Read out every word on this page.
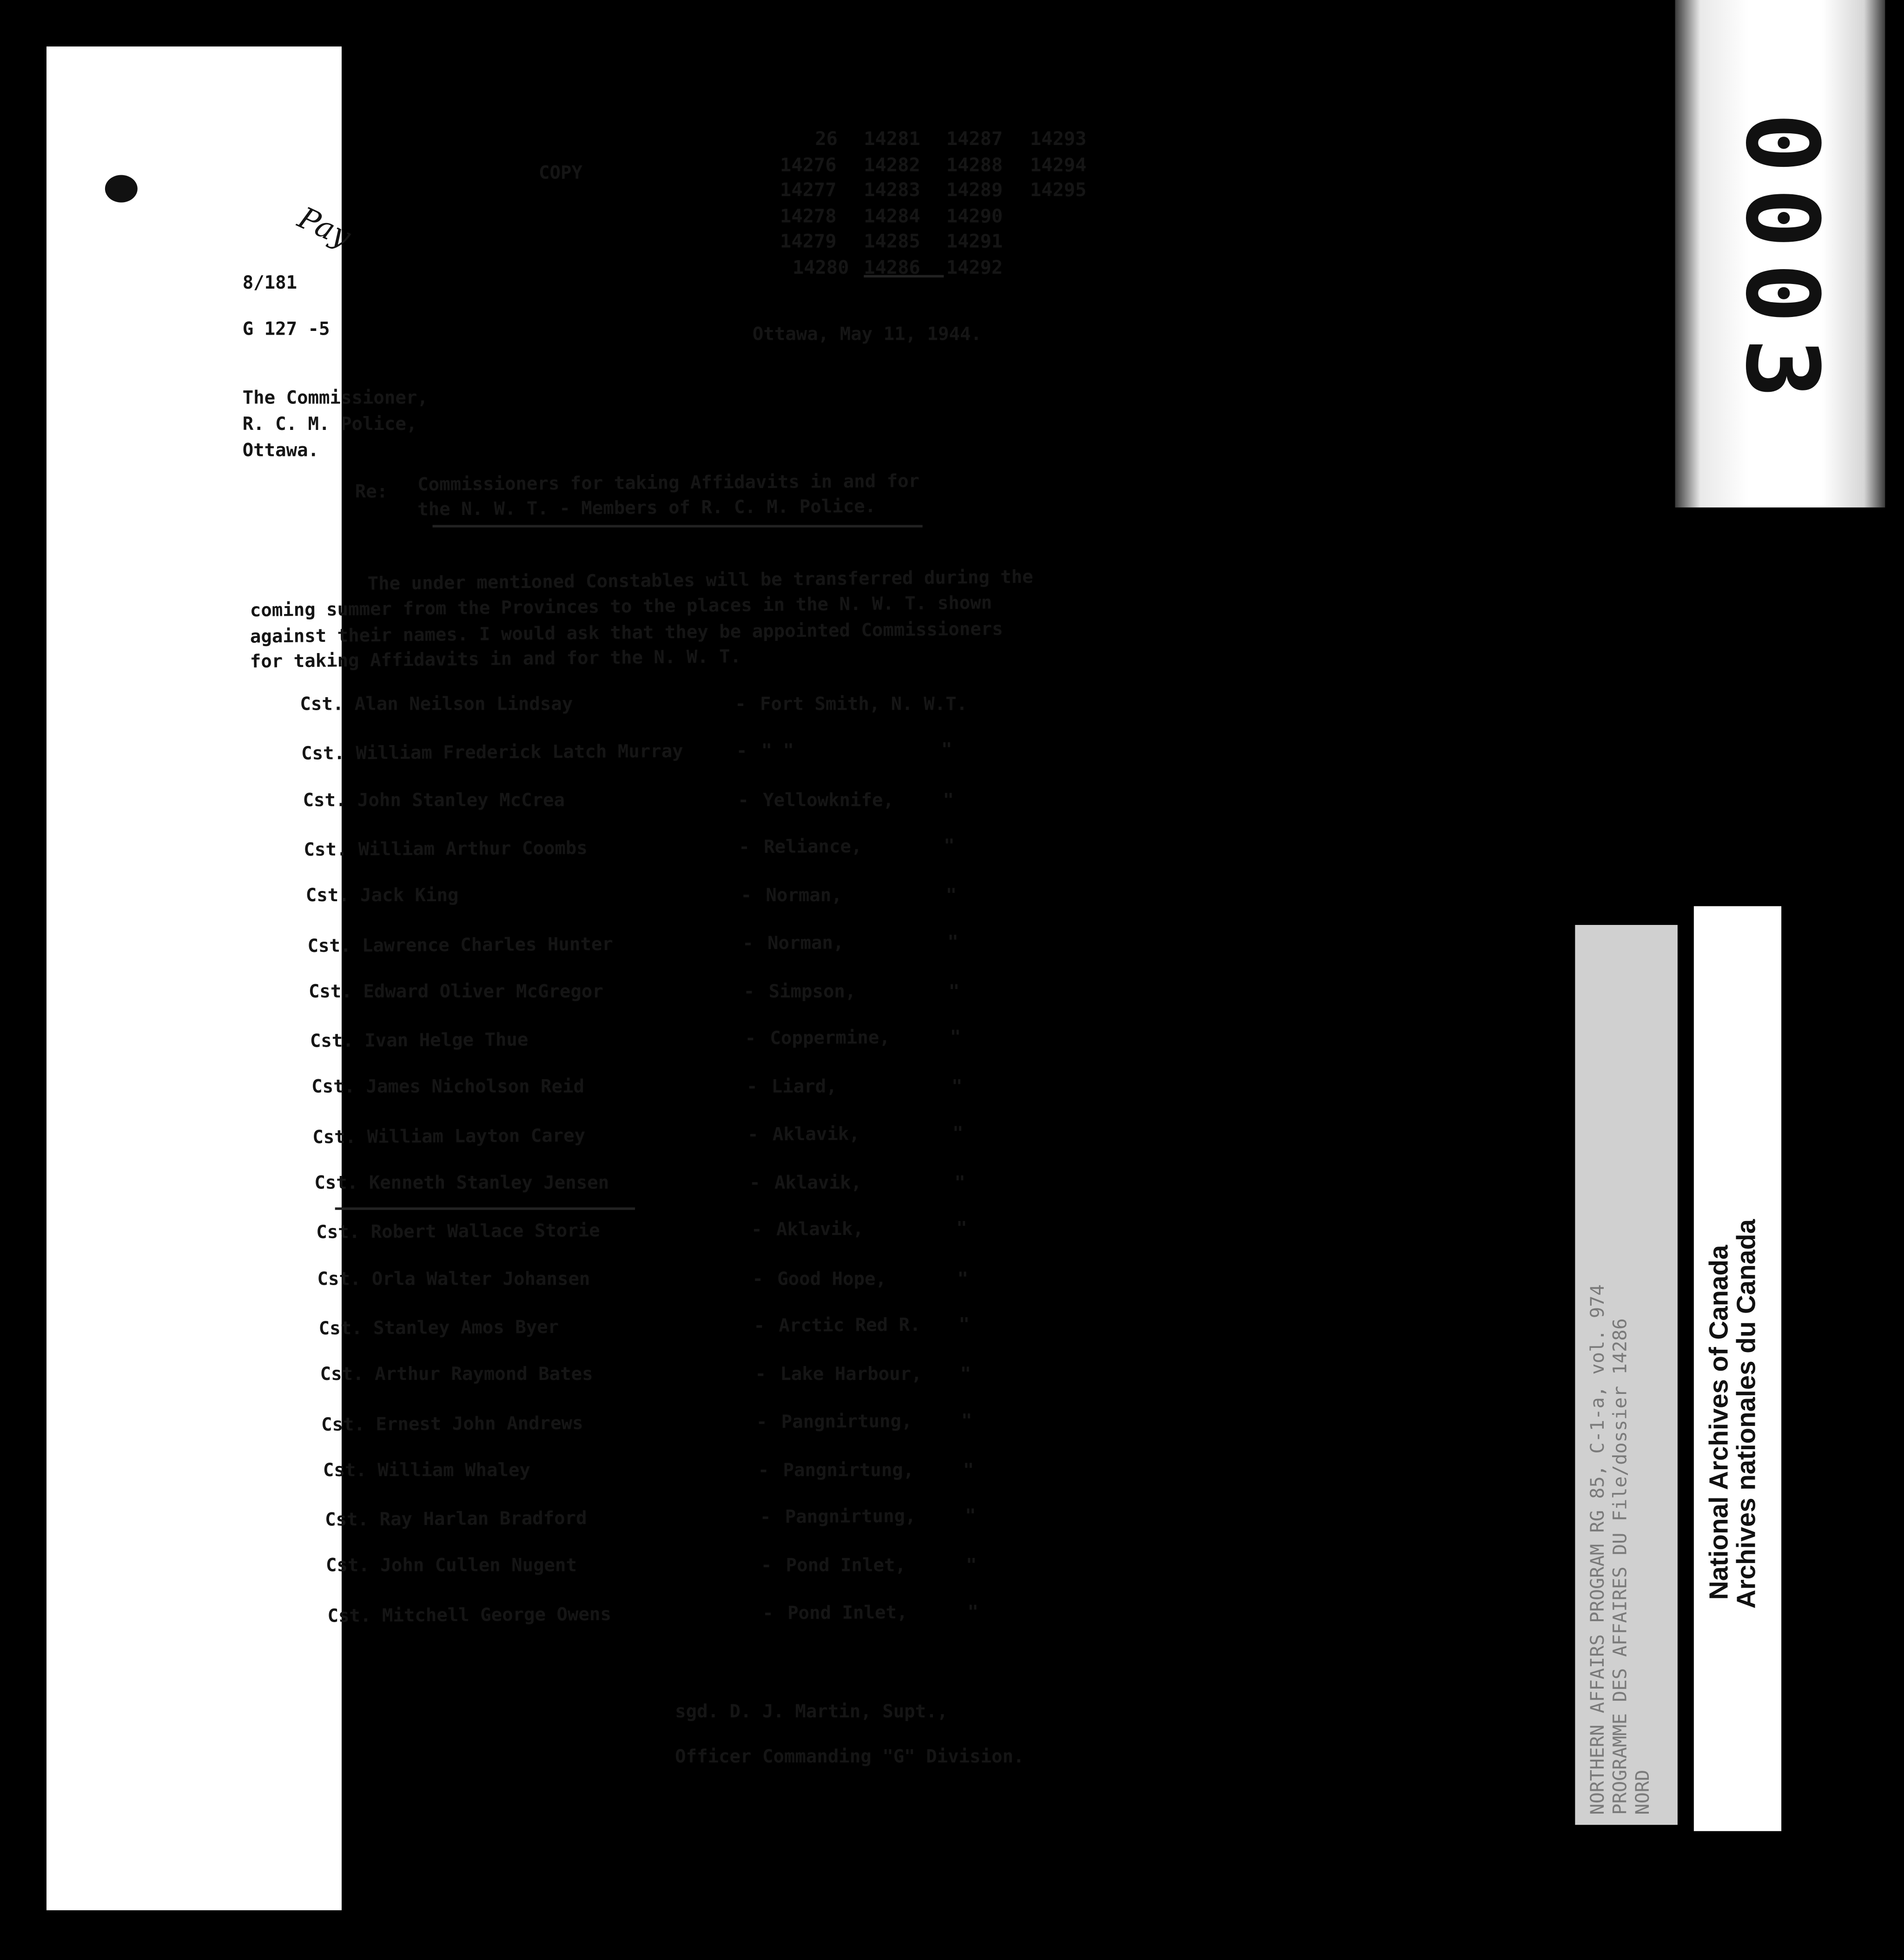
Pay
COPY
26	14281	14287	14293
14276	14282	14288	14294
14277	14283	14289	14295
14278	14284	14290
14279	14285	14291
14280 14286	14292
8/181
G 127 -5	Ottawa, May 11, 1944.
The Commissioner,
R. C. M. Police,
Ottawa.
Re:	Commissioners for taking Affidavits in and for
the N. W. T. - Members of R. C. M. Police.
The under mentioned Constables will be transferred during the
coming summer from the Provinces to the places in the N. W. T. shown
against their names. I would ask that they be appointed Commissioners
for taking Affidavits in and for the N. W. T.
Cst. Alan Neilson Lindsay	- Fort Smith, N. W.T.
Cst. William Frederick Latch Murray	- " "	"
Cst. John Stanley McCrea	- Yellowknife,	"
Cst. William Arthur Coombs	- Reliance,	"
Cst. Jack King	- Norman,	"
Cst. Lawrence Charles Hunter	- Norman,	"
Cst. Edward Oliver McGregor	- Simpson,	"
Cst. Ivan Helge Thue	- Coppermine,	"
Cst. James Nicholson Reid	- Liard,	"
Cst. William Layton Carey	- Aklavik,	"
Cst. Kenneth Stanley Jensen	- Aklavik,	"
Cst. Robert Wallace Storie	- Aklavik,	"
Cst. Orla Walter Johansen	- Good Hope,	"
Cst. Stanley Amos Byer	- Arctic Red R.	"
Cst. Arthur Raymond Bates	- Lake Harbour,	"
Cst. Ernest John Andrews	- Pangnirtung,	"
Cst. William Whaley	- Pangnirtung,	"
Cst. Ray Harlan Bradford	- Pangnirtung,	"
Cst. John Cullen Nugent	- Pond Inlet,	"
Cst. Mitchell George Owens	- Pond Inlet,	"
sgd. D. J. Martin, Supt.,
Officer Commanding "G" Division.
0003
NORTHERN AFFAIRS PROGRAM RG 85, C-1-a, vol. 974 PROGRAMME DES AFFAIRES DU File/dossier 14286 NORD
National Archives of Canada
Archives nationales du Canada
